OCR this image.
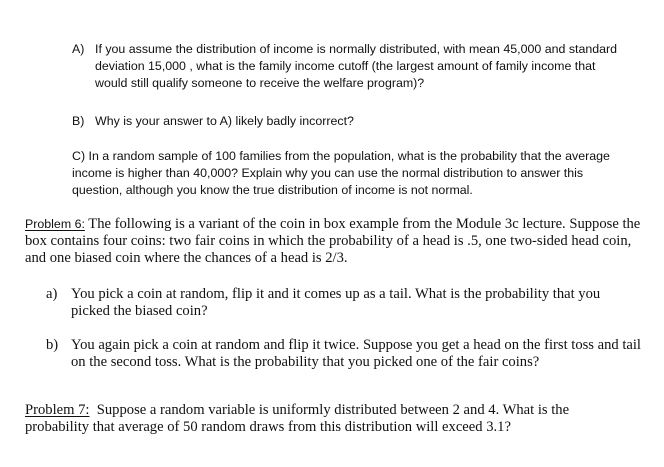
A) If you assume the distribution of income is normally distributed, with mean 45,000 and standard deviation 15,000 , what is the family income cutoff (the largest amount of family income that would still qualify someone to receive the welfare program)?
B) Why is your answer to A) likely badly incorrect?
C) In a random sample of 100 families from the population, what is the probability that the average income is higher than 40,000? Explain why you can use the normal distribution to answer this question, although you know the true distribution of income is not normal.
Problem 6: The following is a variant of the coin in box example from the Module 3c lecture. Suppose the box contains four coins: two fair coins in which the probability of a head is .5, one two-sided head coin, and one biased coin where the chances of a head is 2/3.
a) You pick a coin at random, flip it and it comes up as a tail. What is the probability that you picked the biased coin?
b) You again pick a coin at random and flip it twice. Suppose you get a head on the first toss and tail on the second toss. What is the probability that you picked one of the fair coins?
Problem 7:  Suppose a random variable is uniformly distributed between 2 and 4. What is the probability that average of 50 random draws from this distribution will exceed 3.1?
